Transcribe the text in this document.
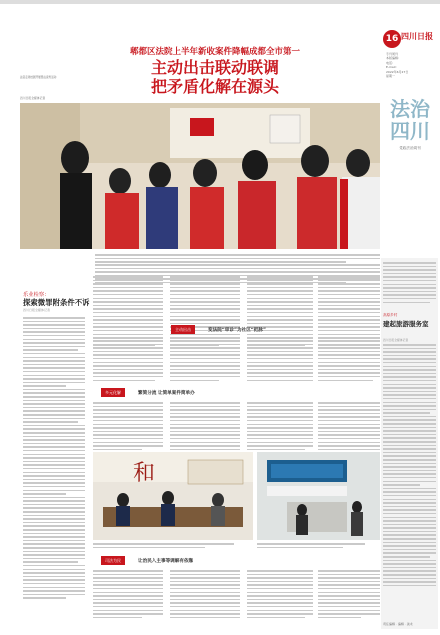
16 四川日报
专刊周刊
本版编辑：
电话：
E-mail：
2022年6月27日
星期一
郫都区法院上半年新收案件降幅成都全市第一
主动出击联动联调
把矛盾化解在源头
法官走进校园开展普法宣传活动
四川日报全媒体记者	法治
四川
党政法治周刊
乐业检察：
探索微罪附条件不诉
四川日报全媒体记者
主动出击	变法院“审诊”为社区“把脉”
多元化解	繁简分流 让简单案件简单办
和
司法为民	让治民入主事等调解有依靠
高原乡村
建起旅游服务室
四川日报全媒体记者
责任编辑 · 编辑 · 美术
